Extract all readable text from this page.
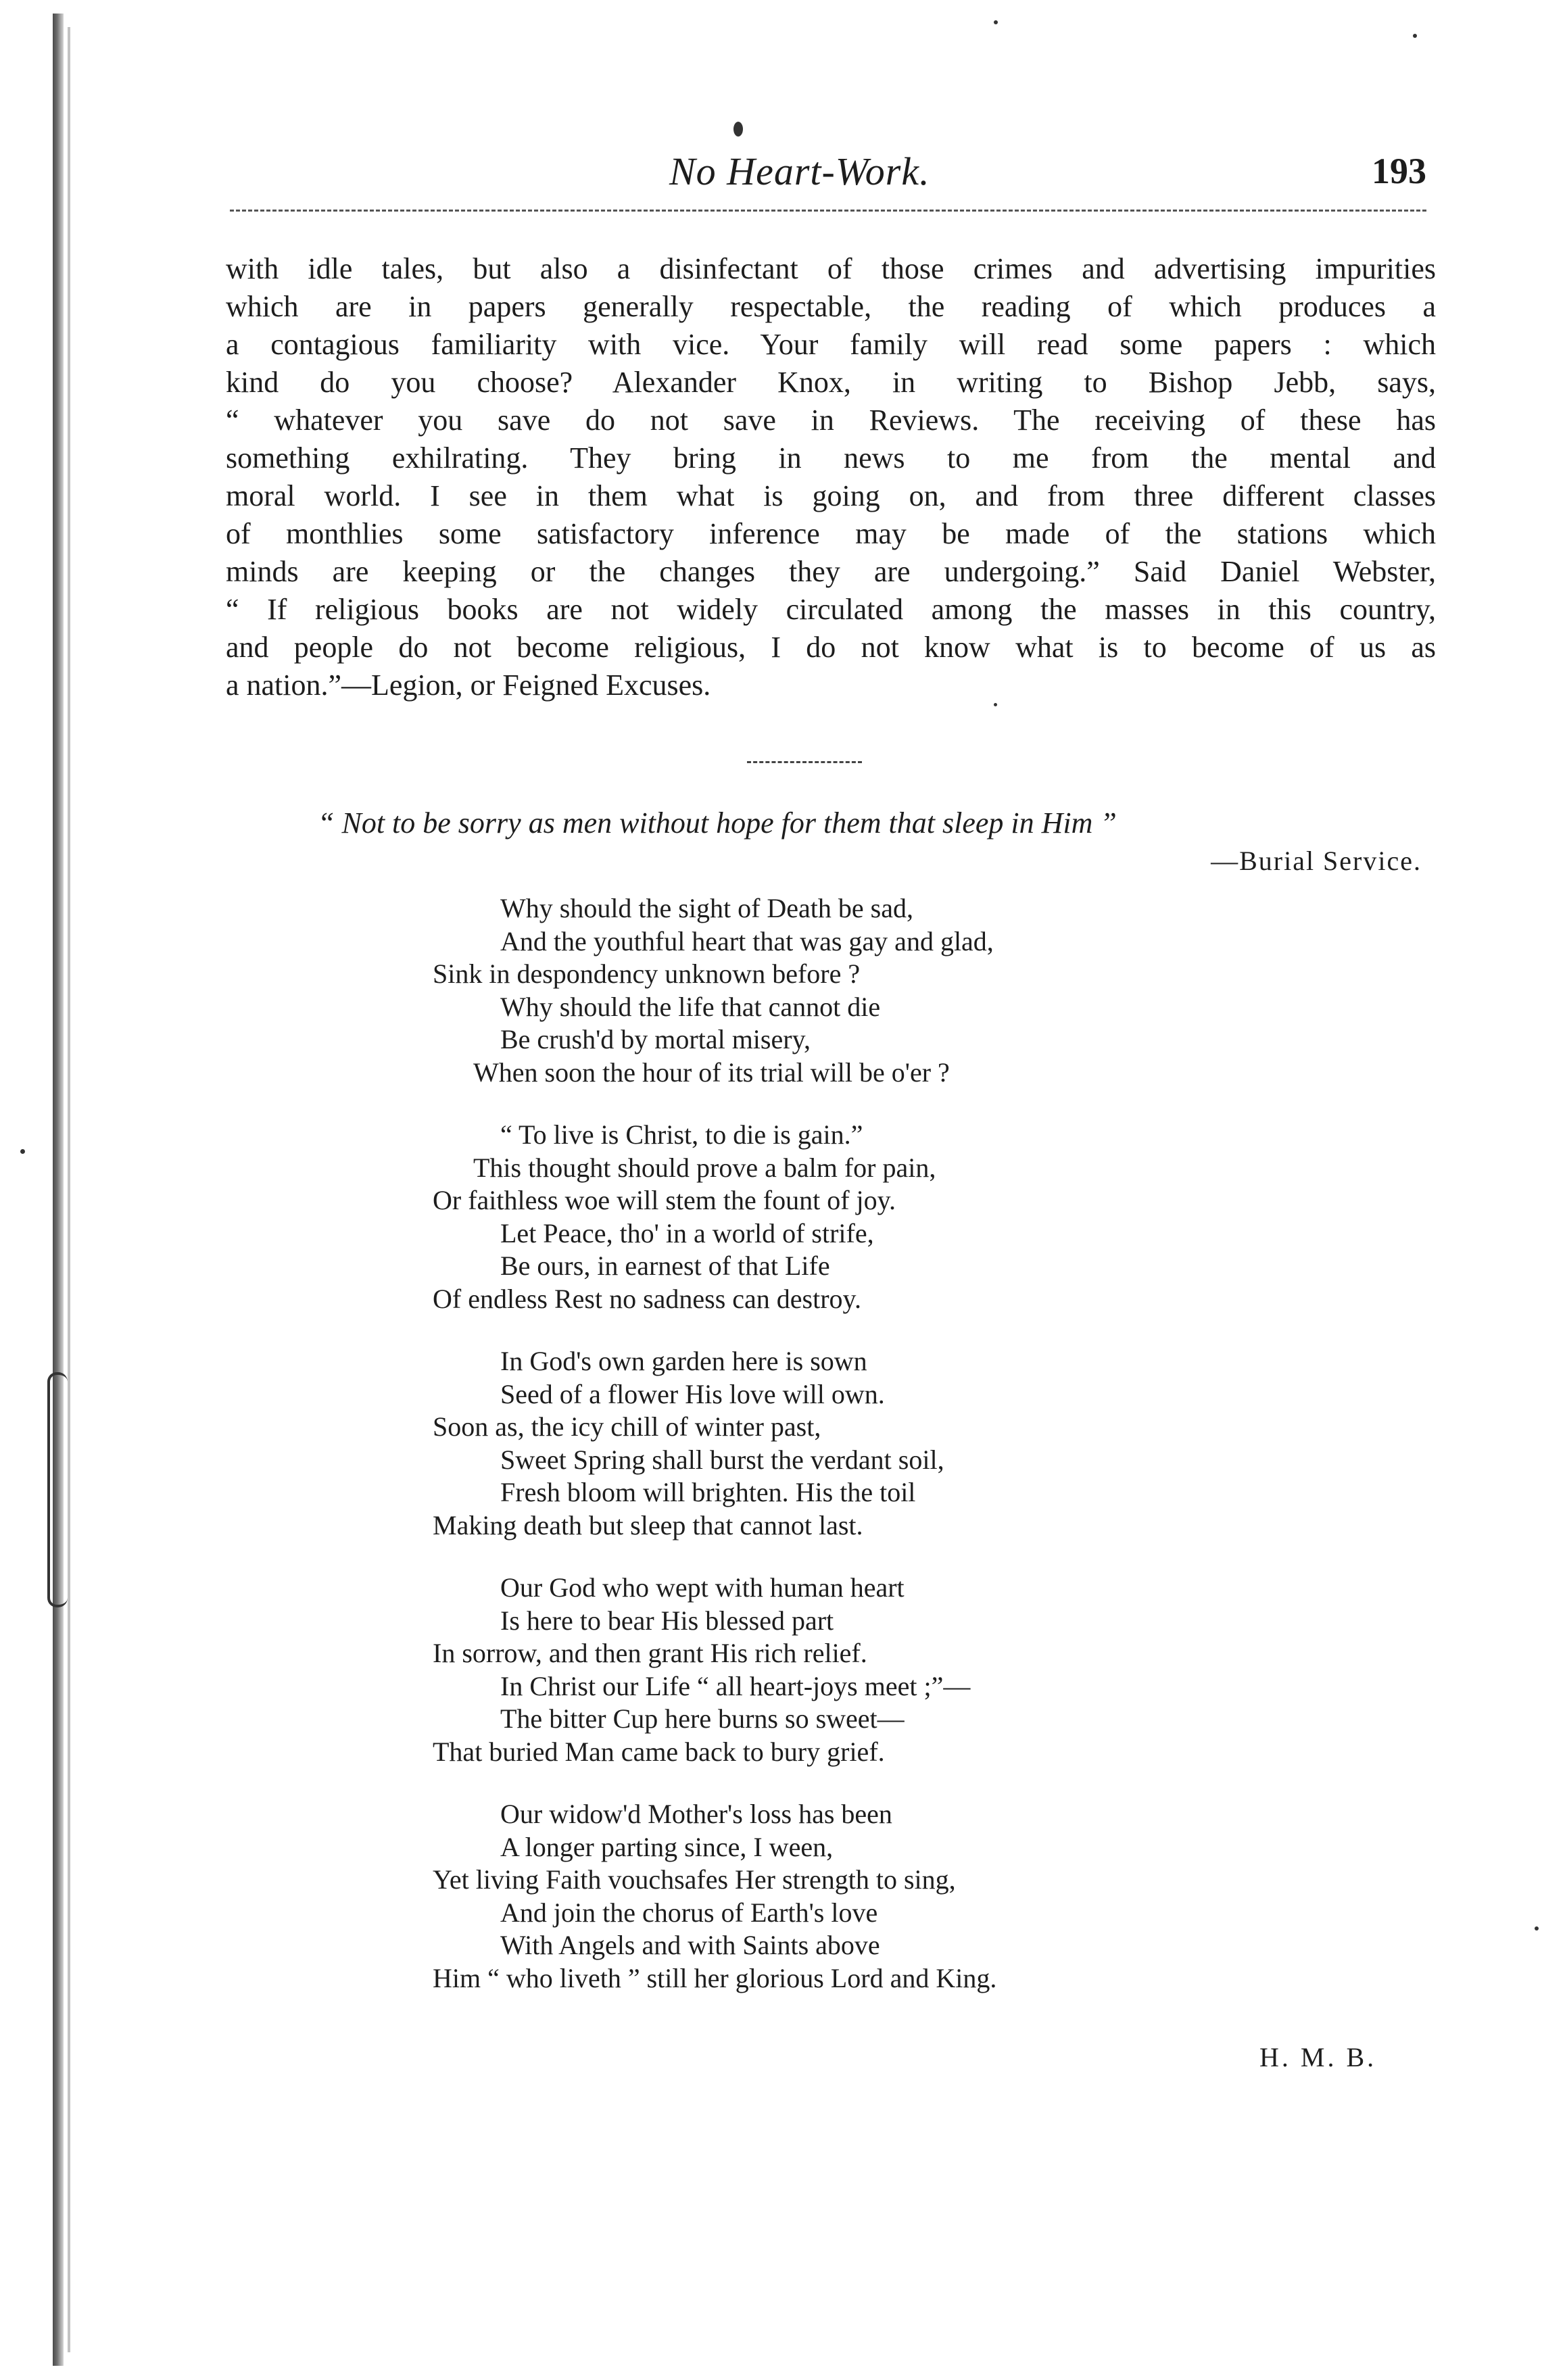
No Heart-Work.	193
with idle tales, but also a disinfectant of those crimes and advertising impurities
which are in papers generally respectable, the reading of which produces a
a contagious familiarity with vice. Your family will read some papers : which
kind do you choose? Alexander Knox, in writing to Bishop Jebb, says,
“ whatever you save do not save in Reviews. The receiving of these has
something exhilrating. They bring in news to me from the mental and
moral world. I see in them what is going on, and from three different classes
of monthlies some satisfactory inference may be made of the stations which
minds are keeping or the changes they are undergoing.” Said Daniel Webster,
“ If religious books are not widely circulated among the masses in this country,
and people do not become religious, I do not know what is to become of us as
a nation.”—Legion, or Feigned Excuses.
“ Not to be sorry as men without hope for them that sleep in Him ”
—Burial Service.
Why should the sight of Death be sad,
And the youthful heart that was gay and glad,
Sink in despondency unknown before ?
Why should the life that cannot die
Be crush'd by mortal misery,
When soon the hour of its trial will be o'er ?
“ To live is Christ, to die is gain.”
This thought should prove a balm for pain,
Or faithless woe will stem the fount of joy.
Let Peace, tho' in a world of strife,
Be ours, in earnest of that Life
Of endless Rest no sadness can destroy.
In God's own garden here is sown
Seed of a flower His love will own.
Soon as, the icy chill of winter past,
Sweet Spring shall burst the verdant soil,
Fresh bloom will brighten. His the toil
Making death but sleep that cannot last.
Our God who wept with human heart
Is here to bear His blessed part
In sorrow, and then grant His rich relief.
In Christ our Life “ all heart-joys meet ;”—
The bitter Cup here burns so sweet—
That buried Man came back to bury grief.
Our widow'd Mother's loss has been
A longer parting since, I ween,
Yet living Faith vouchsafes Her strength to sing,
And join the chorus of Earth's love
With Angels and with Saints above
Him “ who liveth ” still her glorious Lord and King.
H. M. B.
